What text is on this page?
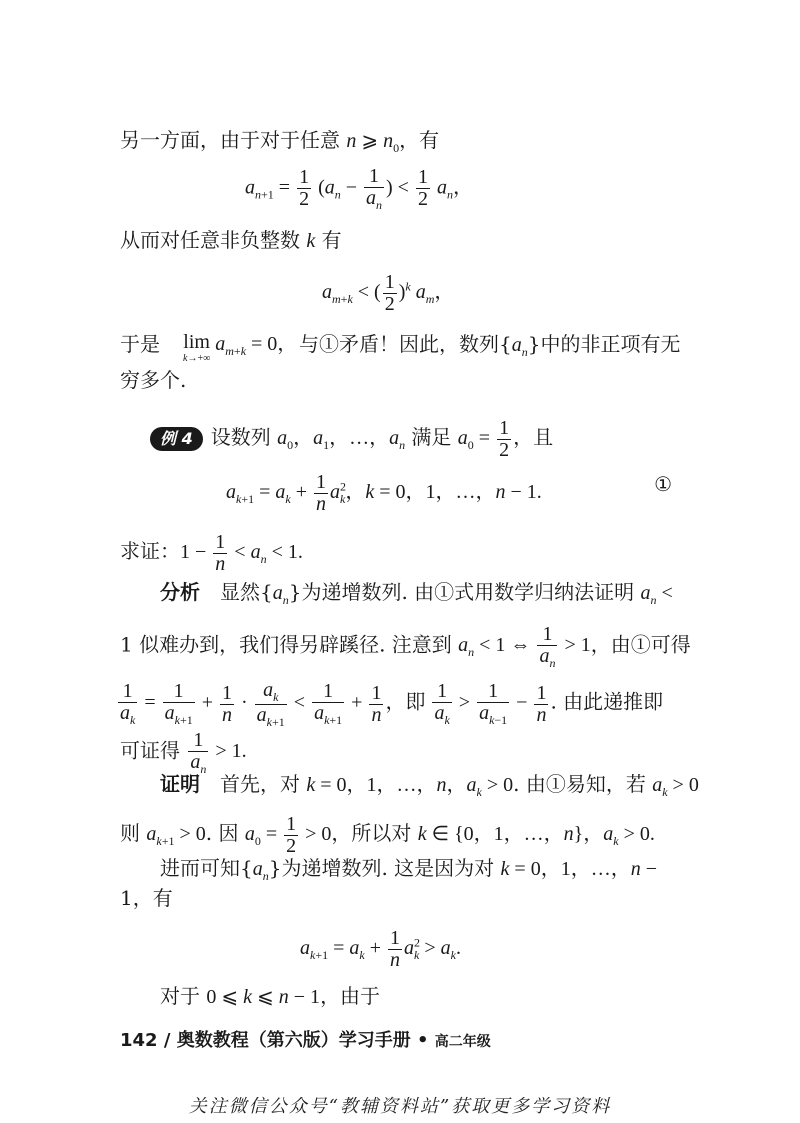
另一方面，由于对于任意 n ⩾ $n_0$，有
$a_{n+1} = \frac{1}{2} (a_n - \frac{1}{a_n}$ ) < $\frac{1}{2} a_n$，
从而对任意非负整数 k 有
$a_{m+k}$ < ( $\frac{1}{2} )^k$ $a_m$，
于是 lim
k→+∞
$a_{m+k} = 0$， 与①矛盾！因此，数列$\{a_n\}$中的非正项有无
穷多个.
例 4 设数列 $a_0$，$a_1$，…，$a_n$ 满足 $a_0 = \frac{1}{2}$ ，且
$a_{k+1} = a_k + \frac{1}{n} a^2_k$，k = 0，1，…，n − 1.	①
求证：$1 - \frac{1}{n} < a_n < 1$.
分析　显然$\{a_n\}$为递增数列. 由①式用数学归纳法证明 $a_n$ <
1 似难办到，我们得另辟蹊径. 注意到 $a_n < 1$ ⇔ $\frac{1}{a_n} > 1$，由①可得
$\frac{1}{a_k} = \frac{1}{a_{k+1}} + \frac{1}{n} \cdot \frac{a_k}{a_{k+1}} < \frac{1}{a_{k+1}} + \frac{1}{n}$ ，即 $\frac{1}{a_k} > \frac{1}{a_{k-1}} - \frac{1}{n}$ . 由此递推即
可证得 $\frac{1}{a_n} > 1$.
证明　首先，对 k = 0，1，…，n，$a_k > 0$. 由①易知，若 $a_k > 0$
则 $a_{k+1} > 0$. 因 $a_0 = \frac{1}{2} > 0$，所以对 k ∈ {0，1，…，n}，$a_k > 0$.
进而可知$\{a_n\}$为递增数列. 这是因为对 k = 0，1，…，n −
1，有
$a_{k+1} = a_k + \frac{1}{n} a^2_k > a_k$.
对于 0 ⩽ k ⩽ n − 1，由于
142 / 奥数教程（第六版）学习手册 • 高二年级
关注微信公众号“教辅资料站”获取更多学习资料
